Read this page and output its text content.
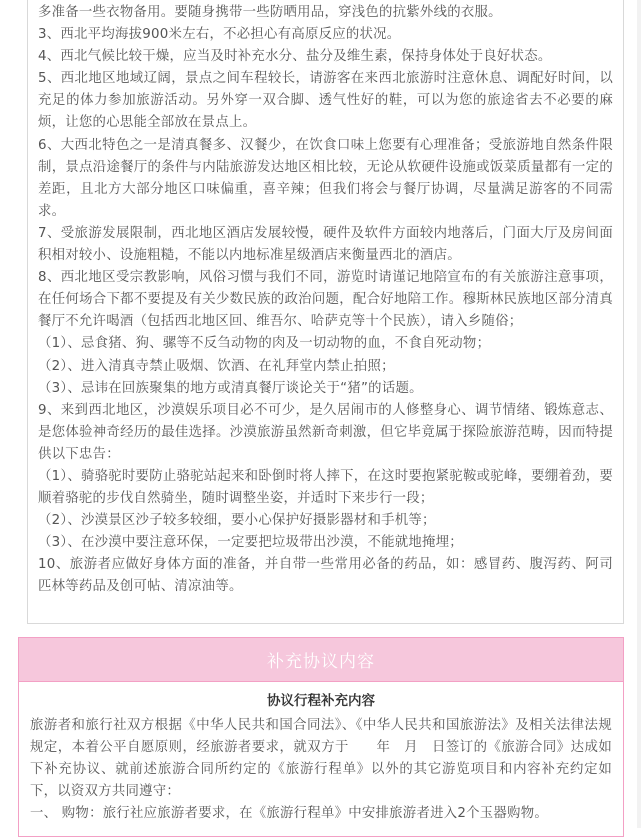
多准备一些衣物备用。要随身携带一些防晒用品，穿浅色的抗紫外线的衣服。

3、西北平均海拔900米左右，不必担心有高原反应的状况。

4、西北气候比较干燥，应当及时补充水分、盐分及维生素，保持身体处于良好状态。

5、西北地区地域辽阔，景点之间车程较长，请游客在来西北旅游时注意休息、调配好时间，以充足的体力参加旅游活动。另外穿一双合脚、透气性好的鞋，可以为您的旅途省去不必要的麻烦，让您的心思能全部放在景点上。

6、大西北特色之一是清真餐多、汉餐少，在饮食口味上您要有心理准备；受旅游地自然条件限制，景点沿途餐厅的条件与内陆旅游发达地区相比较，无论从软硬件设施或饭菜质量都有一定的差距，且北方大部分地区口味偏重，喜辛辣；但我们将会与餐厅协调，尽量满足游客的不同需求。

7、受旅游发展限制，西北地区酒店发展较慢，硬件及软件方面较内地落后，门面大厅及房间面积相对较小、设施粗糙，不能以内地标准星级酒店来衡量西北的酒店。

8、西北地区受宗教影响，风俗习惯与我们不同，游览时请谨记地陪宣布的有关旅游注意事项，在任何场合下都不要提及有关少数民族的政治问题，配合好地陪工作。穆斯林民族地区部分清真餐厅不允许喝酒（包括西北地区回、维吾尔、哈萨克等十个民族），请入乡随俗；

（1）、忌食猪、狗、骡等不反刍动物的肉及一切动物的血，不食自死动物；

（2）、进入清真寺禁止吸烟、饮酒、在礼拜堂内禁止拍照；

（3）、忌讳在回族聚集的地方或清真餐厅谈论关于“猪”的话题。

9、来到西北地区，沙漠娱乐项目必不可少，是久居闹市的人修整身心、调节情绪、锻炼意志、是您体验神奇经历的最佳选择。沙漠旅游虽然新奇刺激，但它毕竟属于探险旅游范畴，因而特提供以下忠告：

（1）、骑骆驼时要防止骆驼站起来和卧倒时将人摔下，在这时要抱紧驼鞍或驼峰，要绷着劲，要顺着骆驼的步伐自然骑坐，随时调整坐姿，并适时下来步行一段；

（2）、沙漠景区沙子较多较细，要小心保护好摄影器材和手机等；

（3）、在沙漠中要注意环保，一定要把垃圾带出沙漠，不能就地掩埋；

10、旅游者应做好身体方面的准备，并自带一些常用必备的药品，如：感冒药、腹泻药、阿司匹林等药品及创可帖、清凉油等。

补充协议内容
协议行程补充内容

旅游者和旅行社双方根据《中华人民共和国合同法》、《中华人民共和国旅游法》及相关法律法规规定，本着公平自愿原则，经旅游者要求，就双方于　　年　月　日签订的《旅游合同》达成如下补充协议、就前述旅游合同所约定的《旅游行程单》以外的其它游览项目和内容补充约定如下，以资双方共同遵守：

一、 购物：旅行社应旅游者要求，在《旅游行程单》中安排旅游者进入2个玉器购物。
